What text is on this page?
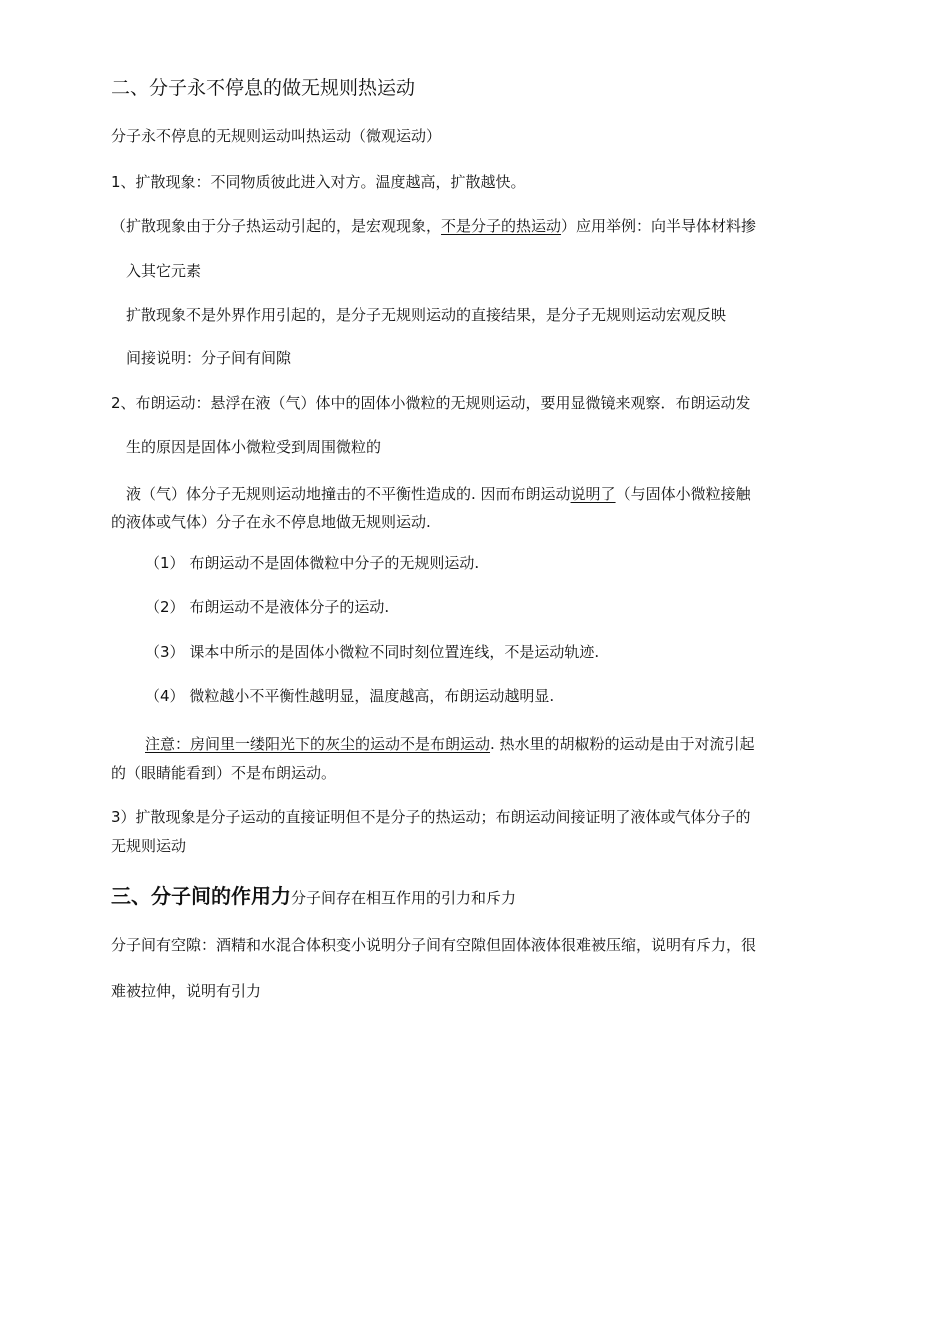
二、分子永不停息的做无规则热运动
分子永不停息的无规则运动叫热运动（微观运动）
1、扩散现象：不同物质彼此进入对方。温度越高，扩散越快。
（扩散现象由于分子热运动引起的，是宏观现象，不是分子的热运动）应用举例：向半导体材料掺
入其它元素
扩散现象不是外界作用引起的，是分子无规则运动的直接结果，是分子无规则运动宏观反映
间接说明：分子间有间隙
2、布朗运动：悬浮在液（气）体中的固体小微粒的无规则运动，要用显微镜来观察．布朗运动发
生的原因是固体小微粒受到周围微粒的
液（气）体分子无规则运动地撞击的不平衡性造成的. 因而布朗运动说明了（与固体小微粒接触
的液体或气体）分子在永不停息地做无规则运动.
（1） 布朗运动不是固体微粒中分子的无规则运动.
（2） 布朗运动不是液体分子的运动.
（3） 课本中所示的是固体小微粒不同时刻位置连线，不是运动轨迹.
（4） 微粒越小不平衡性越明显，温度越高，布朗运动越明显.
注意：房间里一缕阳光下的灰尘的运动不是布朗运动. 热水里的胡椒粉的运动是由于对流引起
的（眼睛能看到）不是布朗运动。
3）扩散现象是分子运动的直接证明但不是分子的热运动；布朗运动间接证明了液体或气体分子的
无规则运动
三、分子间的作用力分子间存在相互作用的引力和斥力
分子间有空隙：酒精和水混合体积变小说明分子间有空隙但固体液体很难被压缩，说明有斥力，很
难被拉伸，说明有引力
